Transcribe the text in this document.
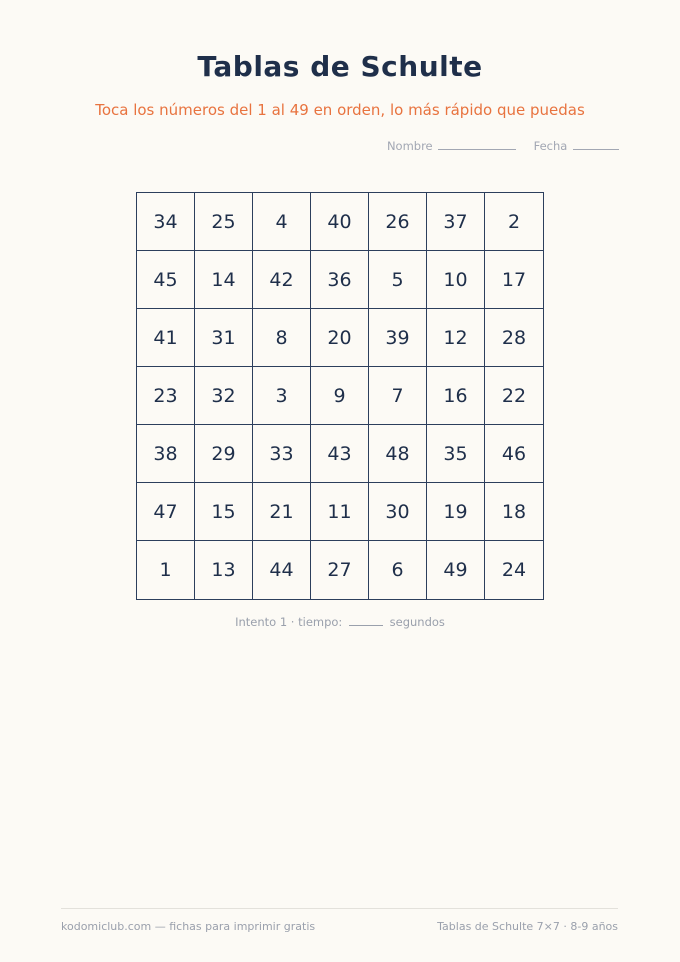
Tablas de Schulte
Toca los números del 1 al 49 en orden, lo más rápido que puedas
Nombre	Fecha
34	25	4	40	26	37	2
45	14	42	36	5	10	17
41	31	8	20	39	12	28
23	32	3	9	7	16	22
38	29	33	43	48	35	46
47	15	21	11	30	19	18
1	13	44	27	6	49	24
Intento 1 · tiempo:	segundos
kodomiclub.com — fichas para imprimir gratis	Tablas de Schulte 7×7 · 8-9 años
